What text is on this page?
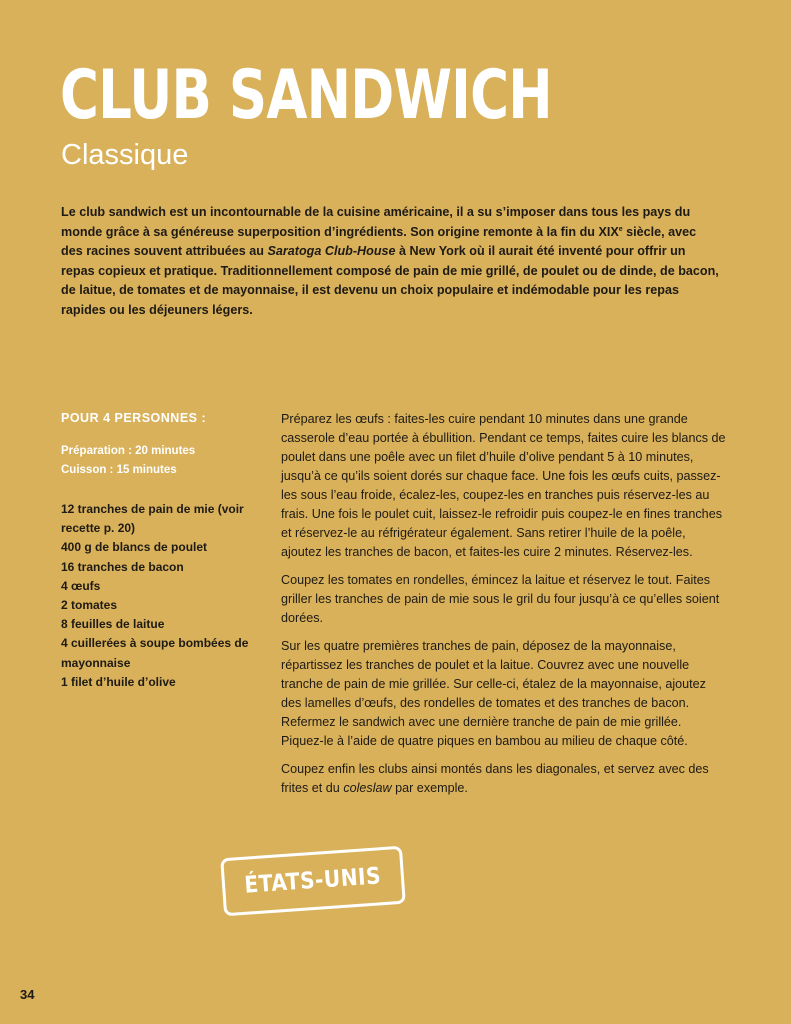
CLUB SANDWICH
Classique

Le club sandwich est un incontournable de la cuisine américaine, il a su s’imposer dans tous les pays du monde grâce à sa généreuse superposition d’ingrédients. Son origine remonte à la fin du XIXe siècle, avec des racines souvent attribuées au Saratoga Club-House à New York où il aurait été inventé pour offrir un repas copieux et pratique. Traditionnellement composé de pain de mie grillé, de poulet ou de dinde, de bacon, de laitue, de tomates et de mayonnaise, il est devenu un choix populaire et indémodable pour les repas rapides ou les déjeuners légers.

POUR 4 PERSONNES :

Préparation : 20 minutes

Cuisson : 15 minutes

12 tranches de pain de mie (voir recette p. 20)
400 g de blancs de poulet
16 tranches de bacon
4 œufs
2 tomates
8 feuilles de laitue
4 cuillerées à soupe bombées de mayonnaise
1 filet d’huile d’olive

Préparez les œufs : faites-les cuire pendant 10 minutes dans une grande casserole d’eau portée à ébullition. Pendant ce temps, faites cuire les blancs de poulet dans une poêle avec un filet d’huile d’olive pendant 5 à 10 minutes, jusqu’à ce qu’ils soient dorés sur chaque face. Une fois les œufs cuits, passez-les sous l’eau froide, écalez-les, coupez-les en tranches puis réservez-les au frais. Une fois le poulet cuit, laissez-le refroidir puis coupez-le en fines tranches et réservez-le au réfrigérateur également. Sans retirer l’huile de la poêle, ajoutez les tranches de bacon, et faites-les cuire 2 minutes. Réservez-les.

Coupez les tomates en rondelles, émincez la laitue et réservez le tout. Faites griller les tranches de pain de mie sous le gril du four jusqu’à ce qu’elles soient dorées.

Sur les quatre premières tranches de pain, déposez de la mayonnaise, répartissez les tranches de poulet et la laitue. Couvrez avec une nouvelle tranche de pain de mie grillée. Sur celle-ci, étalez de la mayonnaise, ajoutez des lamelles d’œufs, des rondelles de tomates et des tranches de bacon. Refermez le sandwich avec une dernière tranche de pain de mie grillée. Piquez-le à l’aide de quatre piques en bambou au milieu de chaque côté.

Coupez enfin les clubs ainsi montés dans les diagonales, et servez avec des frites et du coleslaw par exemple.

ÉTATS-UNIS
34
